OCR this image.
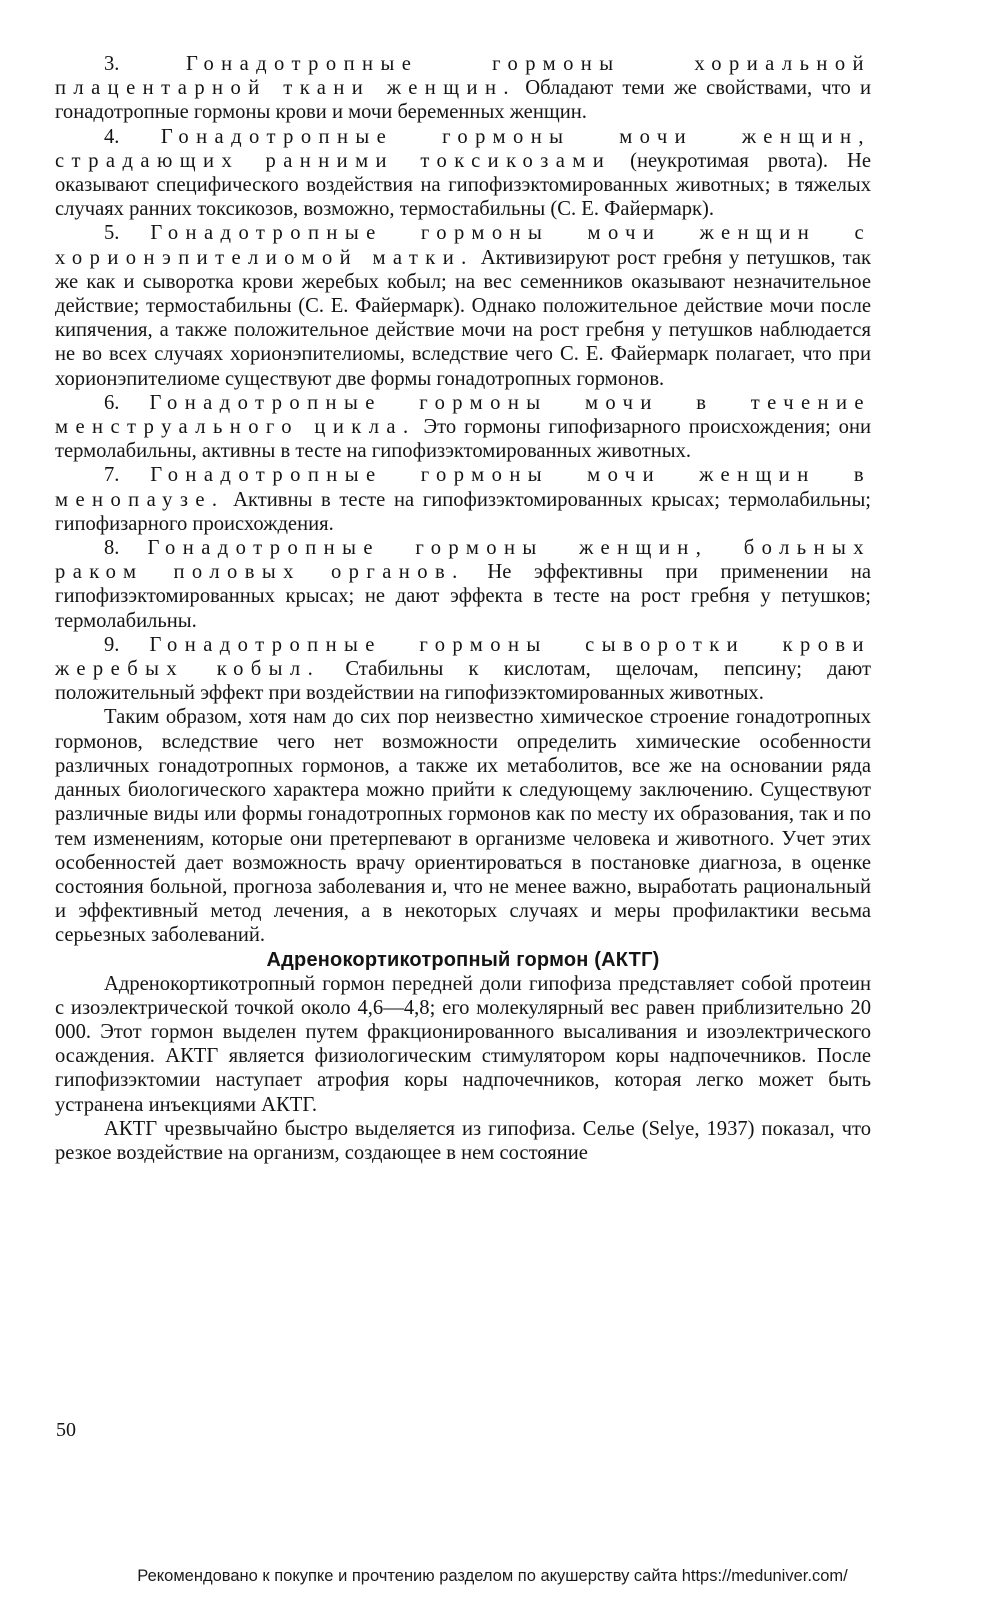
3.	Гонадотропные гормоны хориальной плацентарной ткани женщин. Обладают теми же свойствами, что и гонадотропные гормоны крови и мочи беременных женщин.

4. Гонадотропные гормоны мочи женщин, страдающих ранними токсикозами (неукротимая рвота). Не оказывают специфического воздействия на гипофизэктомированных животных; в тяжелых случаях ранних токсикозов, возможно, термостабильны (С. Е. Файермарк).

5. Гонадотропные гормоны мочи женщин с хорионэпителиомой матки. Активизируют рост гребня у петушков, так же как и сыворотка крови жеребых кобыл; на вес семенников оказывают незначительное действие; термостабильны (С. Е. Файермарк). Однако положительное действие мочи после кипячения, а также положительное действие мочи на рост гребня у петушков наблюдается не во всех случаях хорионэпителиомы, вследствие чего С. Е. Файермарк полагает, что при хорионэпителиоме существуют две формы гонадотропных гормонов.

6. Гонадотропные гормоны мочи в течение менструального цикла. Это гормоны гипофизарного происхождения; они термолабильны, активны в тесте на гипофизэктомированных животных.

7. Гонадотропные гормоны мочи женщин в менопаузе. Активны в тесте на гипофизэктомированных крысах; термолабильны; гипофизарного происхождения.

8. Гонадотропные гормоны женщин, больных раком половых органов. Не эффективны при применении на гипофизэктомированных крысах; не дают эффекта в тесте на рост гребня у петушков; термолабильны.

9. Гонадотропные гормоны сыворотки крови жеребых кобыл. Стабильны к кислотам, щелочам, пепсину; дают положительный эффект при воздействии на гипофизэктомированных животных.

Таким образом, хотя нам до сих пор неизвестно химическое строение гонадотропных гормонов, вследствие чего нет возможности определить химические особенности различных гонадотропных гормонов, а также их метаболитов, все же на основании ряда данных биологического характера можно прийти к следующему заключению. Существуют различные виды или формы гонадотропных гормонов как по месту их образования, так и по тем изменениям, которые они претерпевают в организме человека и животного. Учет этих особенностей дает возможность врачу ориентироваться в постановке диагноза, в оценке состояния больной, прогноза заболевания и, что не менее важно, выработать рациональный и эффективный метод лечения, а в некоторых случаях и меры профилактики весьма серьезных заболеваний.

Адренокортикотропный гормон (АКТГ)

Адренокортикотропный гормон передней доли гипофиза представляет собой протеин с изоэлектрической точкой около 4,6—4,8; его молекулярный вес равен приблизительно 20 000. Этот гормон выделен путем фракционированного высаливания и изоэлектрического осаждения. АКТГ является физиологическим стимулятором коры надпочечников. После гипофизэктомии наступает атрофия коры надпочечников, которая легко может быть устранена инъекциями АКТГ.

АКТГ чрезвычайно быстро выделяется из гипофиза. Селье (Selye, 1937) показал, что резкое воздействие на организм, создающее в нем состояние

50
Рекомендовано к покупке и прочтению разделом по акушерству сайта https://meduniver.com/
